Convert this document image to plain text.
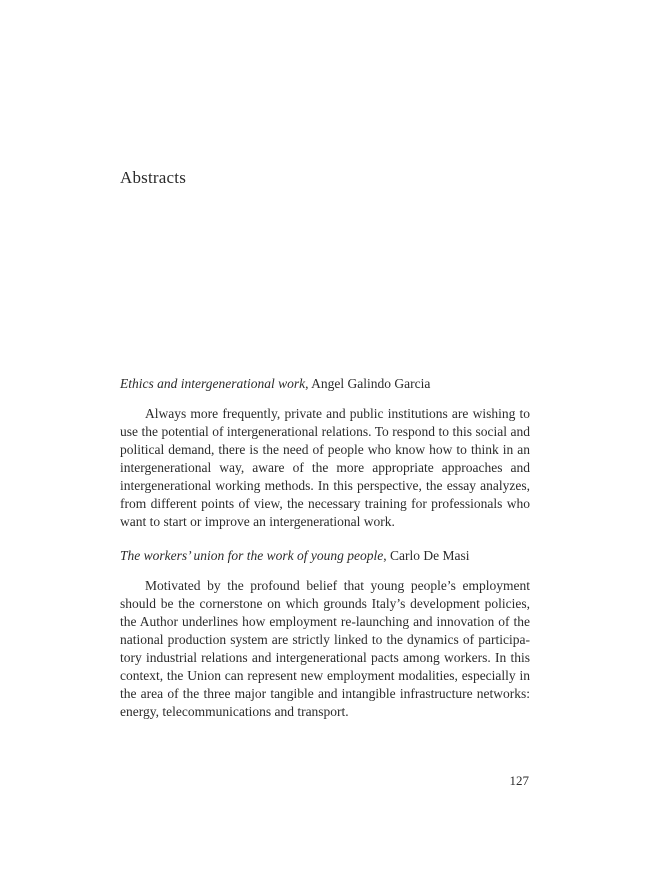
Abstracts

Ethics and intergenerational work, Angel Galindo Garcia

Always more frequently, private and public institutions are wishing to use the potential of intergenerational relations. To respond to this social and political demand, there is the need of people who know how to think in an intergenerational way, aware of the more appropriate approaches and intergenerational working methods. In this perspective, the essay analyzes, from different points of view, the necessary training for professionals who want to start or improve an intergenerational work.

The workers’ union for the work of young people, Carlo De Masi

Motivated by the profound belief that young people’s employment should be the cornerstone on which grounds Italy’s development policies, the Author underlines how employment re-launching and innovation of the national production system are strictly linked to the dynamics of participatory industrial relations and intergenerational pacts among workers. In this context, the Union can represent new employment modalities, especially in the area of the three major tangible and intangible infrastructure networks: energy, telecommunications and transport.

127
